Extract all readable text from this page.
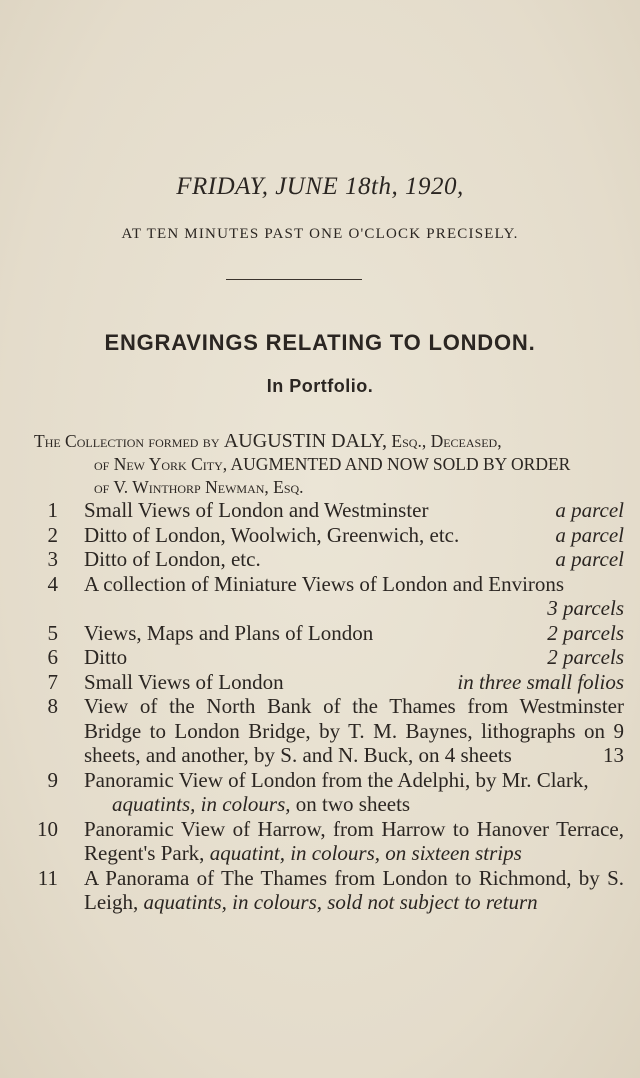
FRIDAY, JUNE 18th, 1920,
AT TEN MINUTES PAST ONE O'CLOCK PRECISELY.
ENGRAVINGS RELATING TO LONDON.
In Portfolio.
The Collection formed by AUGUSTIN DALY, Esq., Deceased,
of New York City, AUGMENTED AND NOW SOLD BY ORDER
of V. Winthorp Newman, Esq.
1 Small Views of London and Westminster	a parcel
2 Ditto of London, Woolwich, Greenwich, etc.	a parcel
3 Ditto of London, etc.	a parcel
4 A collection of Miniature Views of London and Environs
3 parcels
5 Views, Maps and Plans of London	2 parcels
6 Ditto	2 parcels
7 Small Views of London	in three small folios
8 View of the North Bank of the Thames from Westminster Bridge to London Bridge, by T. M. Baynes, lithographs on 9 sheets, and another, by S. and N. Buck, on 4 sheets	13
9 Panoramic View of London from the Adelphi, by Mr. Clark,
aquatints, in colours, on two sheets
10 Panoramic View of Harrow, from Harrow to Hanover Terrace, Regent's Park, aquatint, in colours, on sixteen strips
11 A Panorama of The Thames from London to Richmond, by S. Leigh, aquatints, in colours, sold not subject to return
